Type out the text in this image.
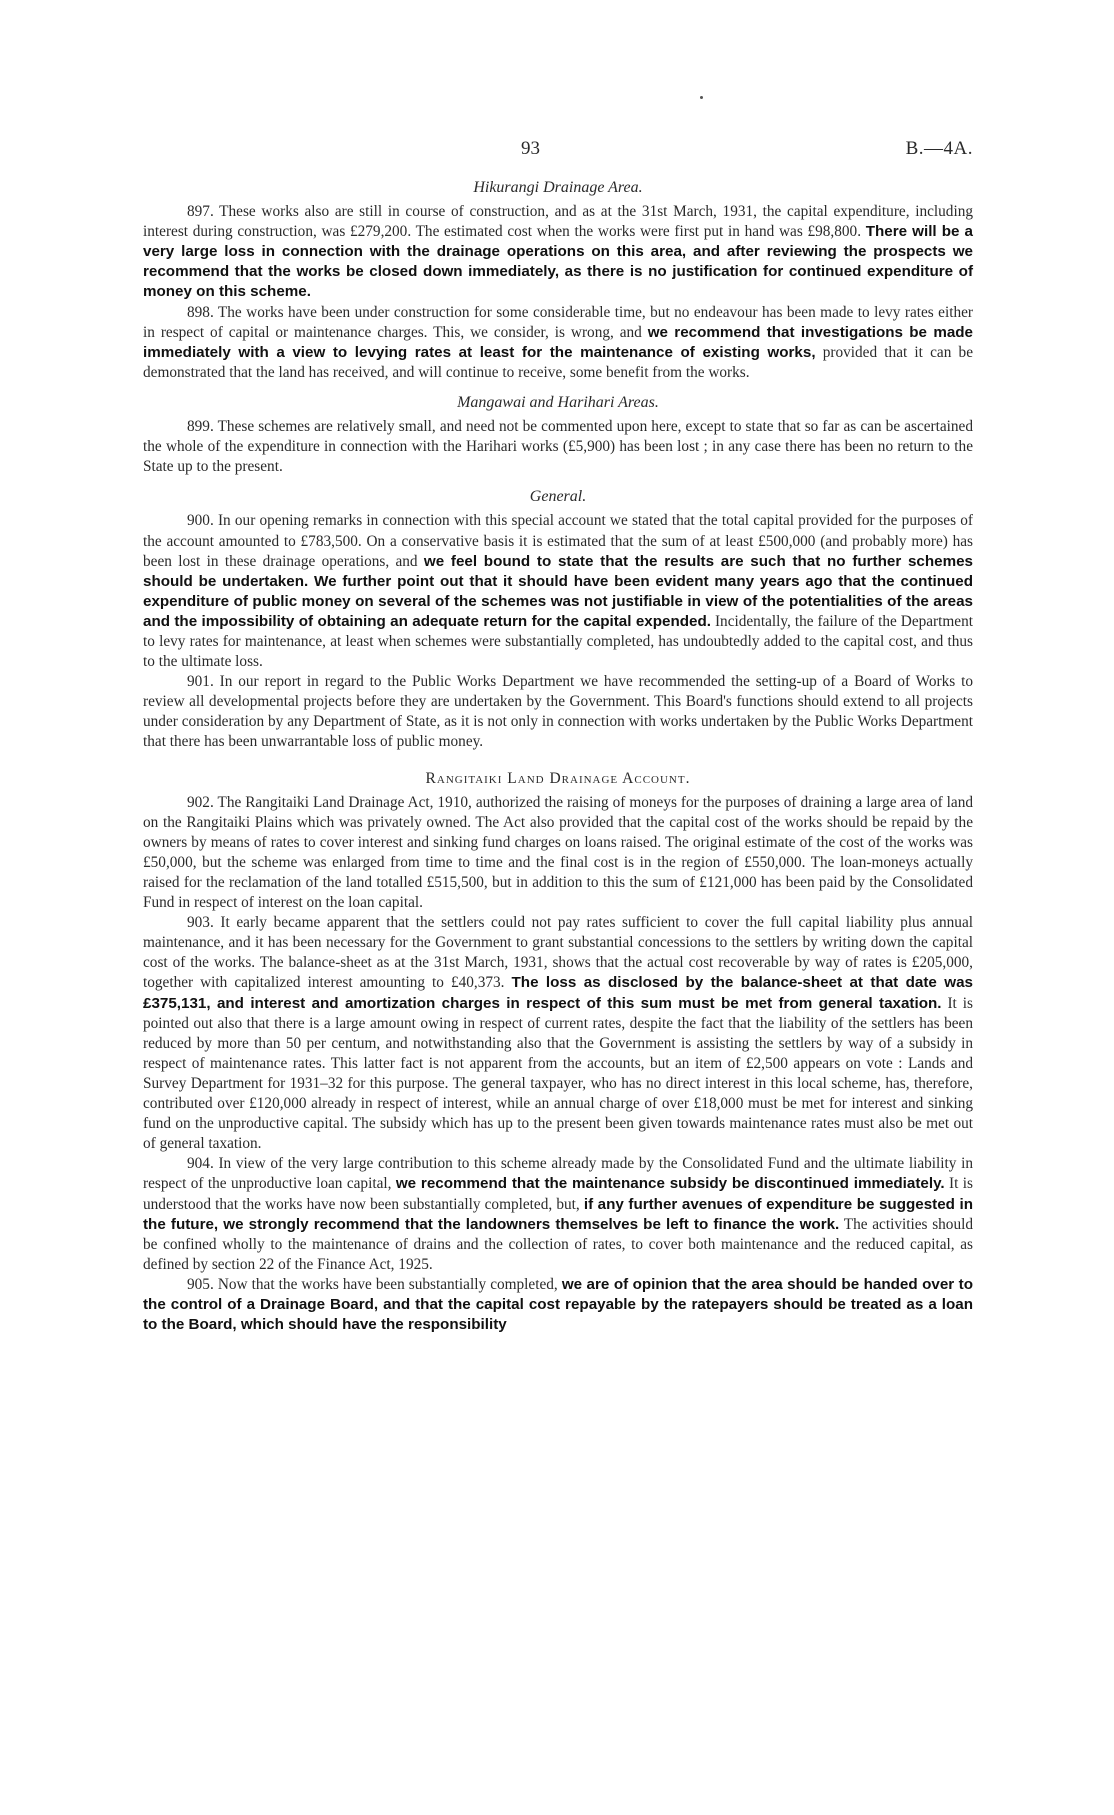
93	B.—4A.
Hikurangi Drainage Area.

897. These works also are still in course of construction, and as at the 31st March, 1931, the capital expenditure, including interest during construction, was £279,200. The estimated cost when the works were first put in hand was £98,800. There will be a very large loss in connection with the drainage operations on this area, and after reviewing the prospects we recommend that the works be closed down immediately, as there is no justification for continued expenditure of money on this scheme.

898. The works have been under construction for some considerable time, but no endeavour has been made to levy rates either in respect of capital or maintenance charges. This, we consider, is wrong, and we recommend that investigations be made immediately with a view to levying rates at least for the maintenance of existing works, provided that it can be demonstrated that the land has received, and will continue to receive, some benefit from the works.

Mangawai and Harihari Areas.

899. These schemes are relatively small, and need not be commented upon here, except to state that so far as can be ascertained the whole of the expenditure in connection with the Harihari works (£5,900) has been lost ; in any case there has been no return to the State up to the present.

General.

900. In our opening remarks in connection with this special account we stated that the total capital provided for the purposes of the account amounted to £783,500. On a conservative basis it is estimated that the sum of at least £500,000 (and probably more) has been lost in these drainage operations, and we feel bound to state that the results are such that no further schemes should be undertaken. We further point out that it should have been evident many years ago that the continued expenditure of public money on several of the schemes was not justifiable in view of the potentialities of the areas and the impossibility of obtaining an adequate return for the capital expended. Incidentally, the failure of the Department to levy rates for maintenance, at least when schemes were substantially completed, has undoubtedly added to the capital cost, and thus to the ultimate loss.

901. In our report in regard to the Public Works Department we have recommended the setting-up of a Board of Works to review all developmental projects before they are undertaken by the Government. This Board's functions should extend to all projects under consideration by any Department of State, as it is not only in connection with works undertaken by the Public Works Department that there has been unwarrantable loss of public money.

Rangitaiki Land Drainage Account.

902. The Rangitaiki Land Drainage Act, 1910, authorized the raising of moneys for the purposes of draining a large area of land on the Rangitaiki Plains which was privately owned. The Act also provided that the capital cost of the works should be repaid by the owners by means of rates to cover interest and sinking fund charges on loans raised. The original estimate of the cost of the works was £50,000, but the scheme was enlarged from time to time and the final cost is in the region of £550,000. The loan-moneys actually raised for the reclamation of the land totalled £515,500, but in addition to this the sum of £121,000 has been paid by the Consolidated Fund in respect of interest on the loan capital.

903. It early became apparent that the settlers could not pay rates sufficient to cover the full capital liability plus annual maintenance, and it has been necessary for the Government to grant substantial concessions to the settlers by writing down the capital cost of the works. The balance-sheet as at the 31st March, 1931, shows that the actual cost recoverable by way of rates is £205,000, together with capitalized interest amounting to £40,373. The loss as disclosed by the balance-sheet at that date was £375,131, and interest and amortization charges in respect of this sum must be met from general taxation. It is pointed out also that there is a large amount owing in respect of current rates, despite the fact that the liability of the settlers has been reduced by more than 50 per centum, and notwithstanding also that the Government is assisting the settlers by way of a subsidy in respect of maintenance rates. This latter fact is not apparent from the accounts, but an item of £2,500 appears on vote : Lands and Survey Department for 1931–32 for this purpose. The general taxpayer, who has no direct interest in this local scheme, has, therefore, contributed over £120,000 already in respect of interest, while an annual charge of over £18,000 must be met for interest and sinking fund on the unproductive capital. The subsidy which has up to the present been given towards maintenance rates must also be met out of general taxation.

904. In view of the very large contribution to this scheme already made by the Consolidated Fund and the ultimate liability in respect of the unproductive loan capital, we recommend that the maintenance subsidy be discontinued immediately. It is understood that the works have now been substantially completed, but, if any further avenues of expenditure be suggested in the future, we strongly recommend that the landowners themselves be left to finance the work. The activities should be confined wholly to the maintenance of drains and the collection of rates, to cover both maintenance and the reduced capital, as defined by section 22 of the Finance Act, 1925.

905. Now that the works have been substantially completed, we are of opinion that the area should be handed over to the control of a Drainage Board, and that the capital cost repayable by the ratepayers should be treated as a loan to the Board, which should have the responsibility
